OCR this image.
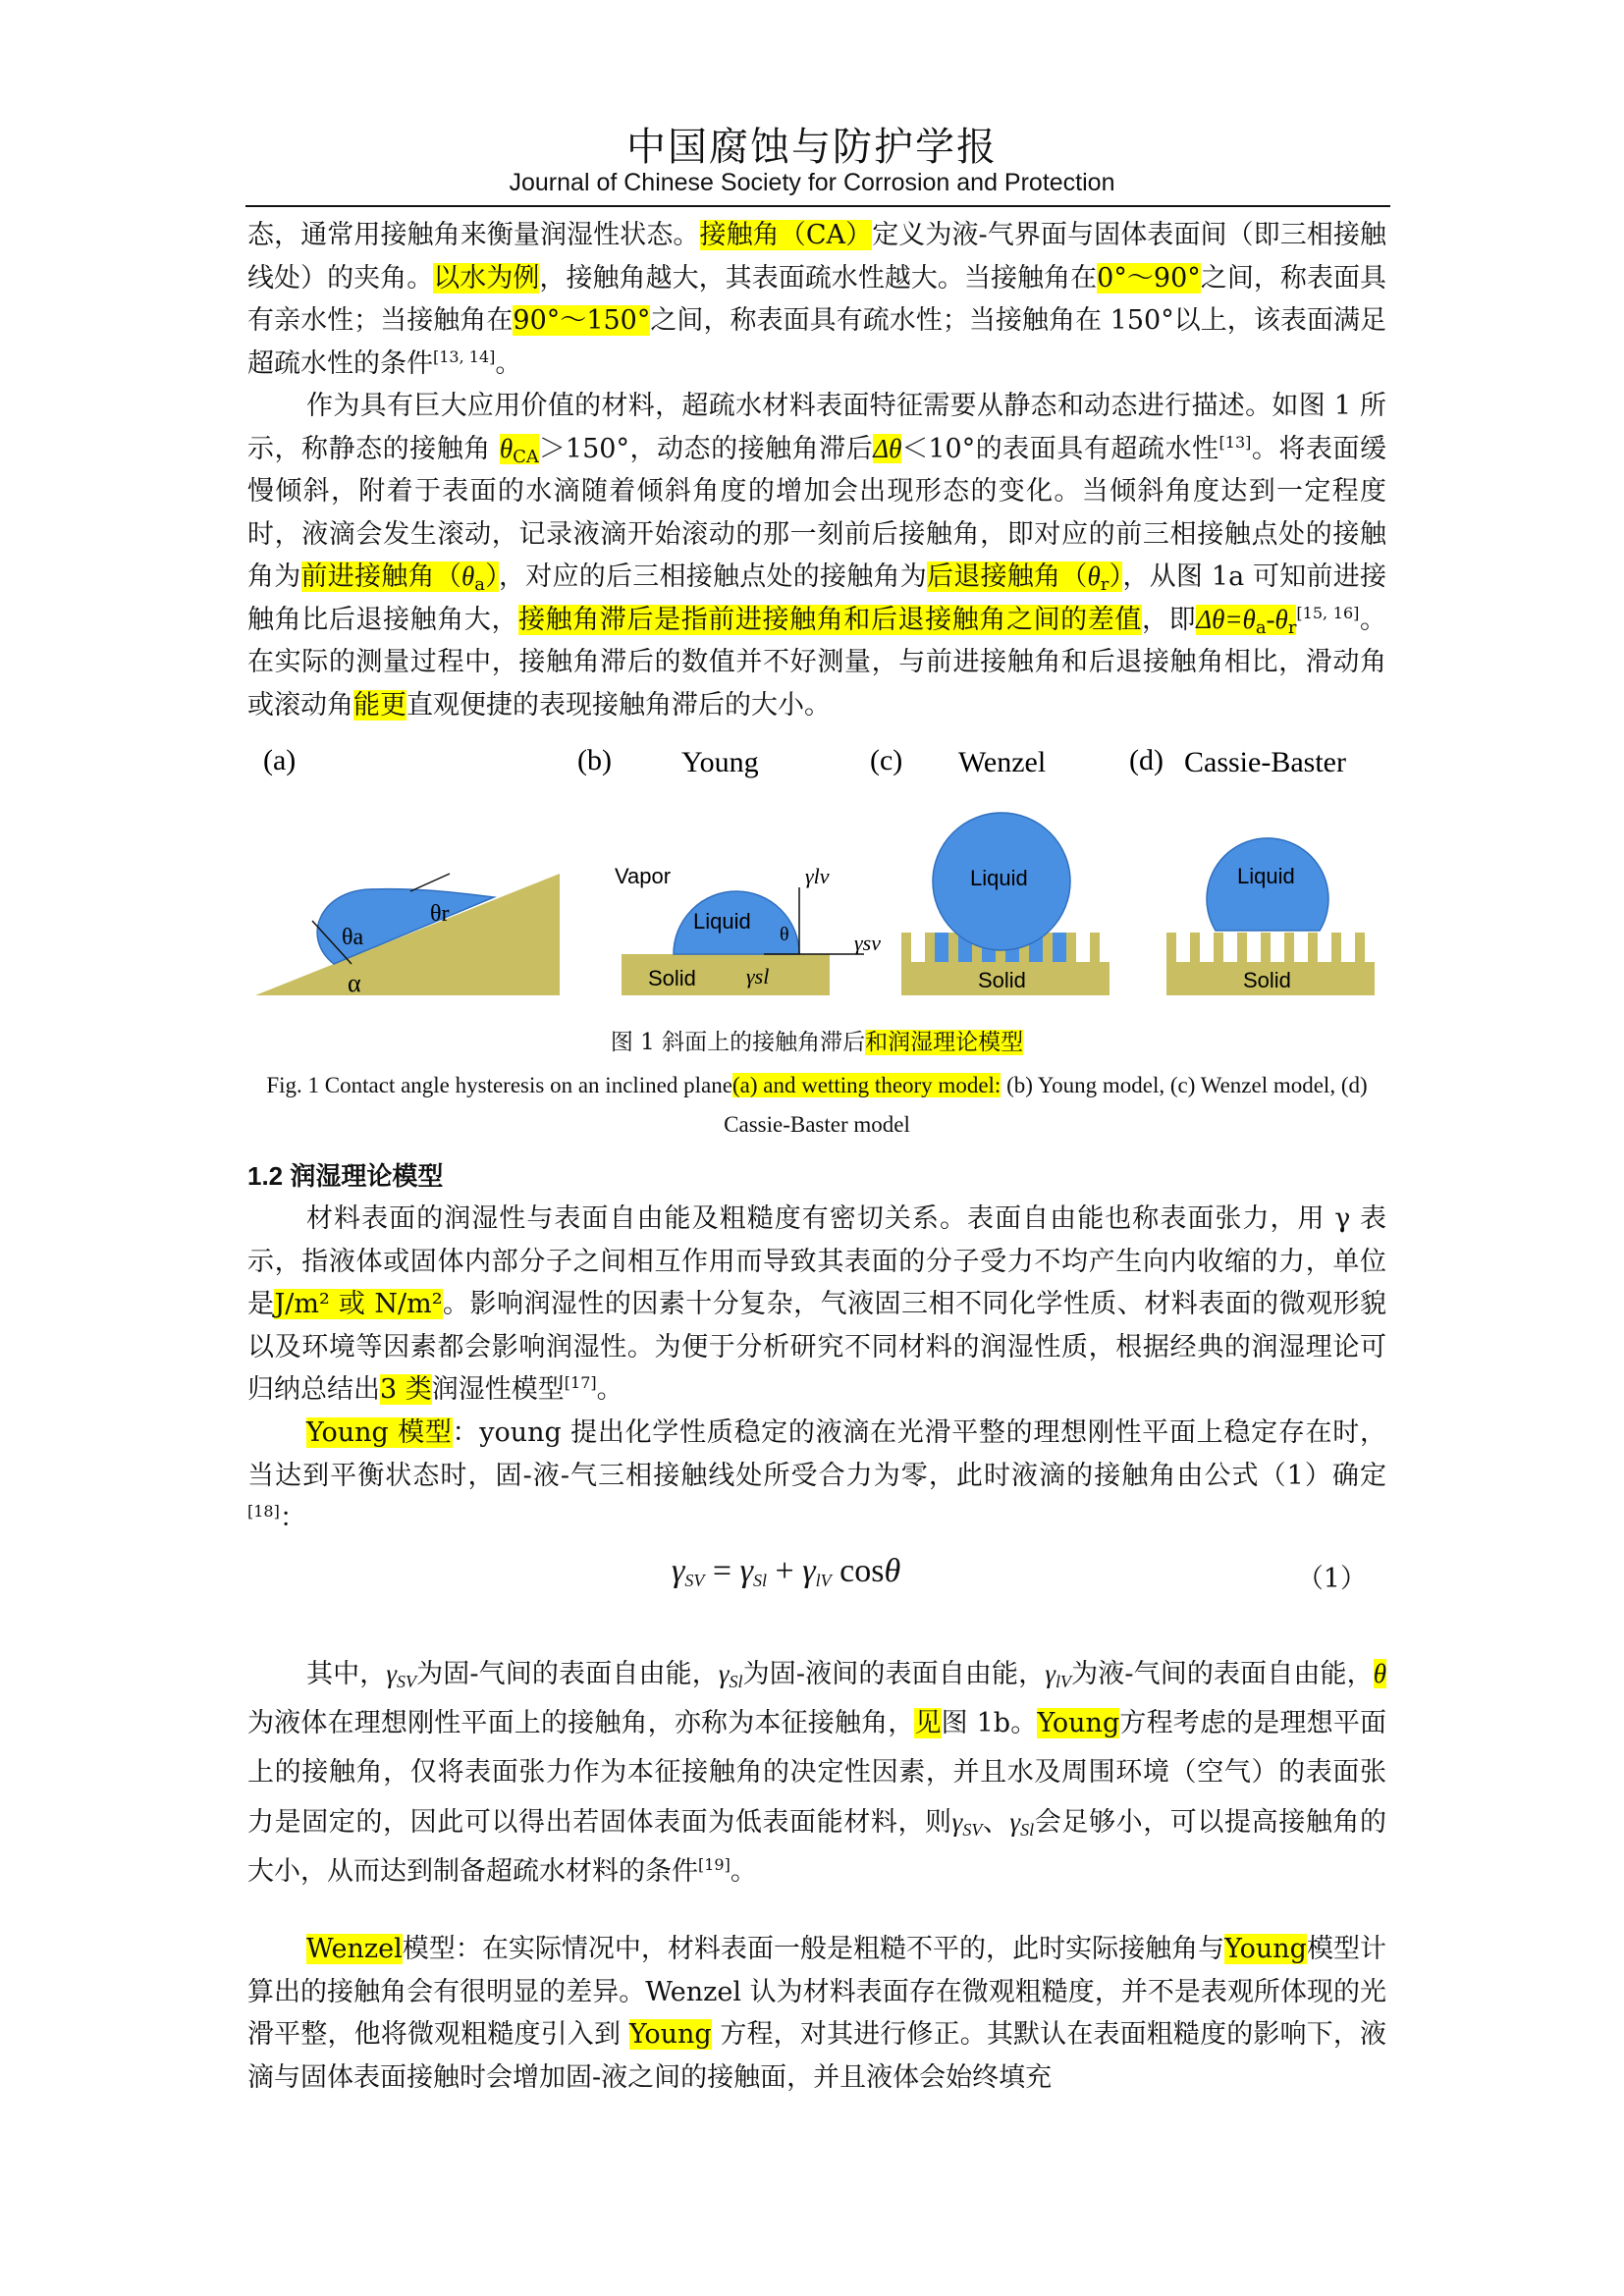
中国腐蚀与防护学报
Journal of Chinese Society for Corrosion and Protection

态，通常用接触角来衡量润湿性状态。接触角（CA）定义为液-气界面与固体表面间（即三相接触线处）的夹角。以水为例，接触角越大，其表面疏水性越大。当接触角在0°～90°之间，称表面具有亲水性；当接触角在90°～150°之间，称表面具有疏水性；当接触角在 150°以上，该表面满足超疏水性的条件[13, 14]。

作为具有巨大应用价值的材料，超疏水材料表面特征需要从静态和动态进行描述。如图 1 所示，称静态的接触角 $\theta_{CA}>150^\circ$，动态的接触角滞后Δθ＜10°的表面具有超疏水性[13]。将表面缓慢倾斜，附着于表面的水滴随着倾斜角度的增加会出现形态的变化。当倾斜角度达到一定程度时，液滴会发生滚动，记录液滴开始滚动的那一刻前后接触角，即对应的前三相接触点处的接触角为前进接触角$(\theta_a)$，对应的后三相接触点处的接触角为后退接触角$(\theta_r)$，从图 1a 可知前进接触角比后退接触角大，接触角滞后是指前进接触角和后退接触角之间的差值，即$\Delta\theta=\theta_a-\theta_r[15, 16]$。在实际的测量过程中，接触角滞后的数值并不好测量，与前进接触角和后退接触角相比，滑动角或滚动角能更直观便捷的表现接触角滞后的大小。

(a)	(b) Young	(c) Wenzel	(d) Cassie-Baster
θa
θr
α
Vapor
Liquid
Solid
θ
γlv
γsl
γsv
Liquid
Solid
Liquid
Solid
图 1 斜面上的接触角滞后和润湿理论模型
Fig. 1 Contact angle hysteresis on an inclined plane(a) and wetting theory model: (b) Young model, (c) Wenzel model, (d) Cassie-Baster model
1.2 润湿理论模型

材料表面的润湿性与表面自由能及粗糙度有密切关系。表面自由能也称表面张力，用 γ 表示，指液体或固体内部分子之间相互作用而导致其表面的分子受力不均产生向内收缩的力，单位是J/m² 或 N/m²。影响润湿性的因素十分复杂，气液固三相不同化学性质、材料表面的微观形貌以及环境等因素都会影响润湿性。为便于分析研究不同材料的润湿性质，根据经典的润湿理论可归纳总结出3 类润湿性模型[17]。

Young 模型：young 提出化学性质稳定的液滴在光滑平整的理想刚性平面上稳定存在时，当达到平衡状态时，固-液-气三相接触线处所受合力为零，此时液滴的接触角由公式（1）确定[18]：

$\gamma_{SV} = \gamma_{Sl} + \gamma_{lV}$ cosθ	（1）

其中，$\gamma_{SV}$为固-气间的表面自由能，$\gamma_{Sl}$为固-液间的表面自由能，$\gamma_{lV}$为液-气间的表面自由能，θ为液体在理想刚性平面上的接触角，亦称为本征接触角，见图 1b。Young方程考虑的是理想平面上的接触角，仅将表面张力作为本征接触角的决定性因素，并且水及周围环境（空气）的表面张力是固定的，因此可以得出若固体表面为低表面能材料，则$\gamma_{SV}$、$\gamma_{Sl}$会足够小，可以提高接触角的大小，从而达到制备超疏水材料的条件[19]。

Wenzel模型：在实际情况中，材料表面一般是粗糙不平的，此时实际接触角与Young模型计算出的接触角会有很明显的差异。Wenzel 认为材料表面存在微观粗糙度，并不是表观所体现的光滑平整，他将微观粗糙度引入到 Young 方程，对其进行修正。其默认在表面粗糙度的影响下，液滴与固体表面接触时会增加固-液之间的接触面，并且液体会始终填充
